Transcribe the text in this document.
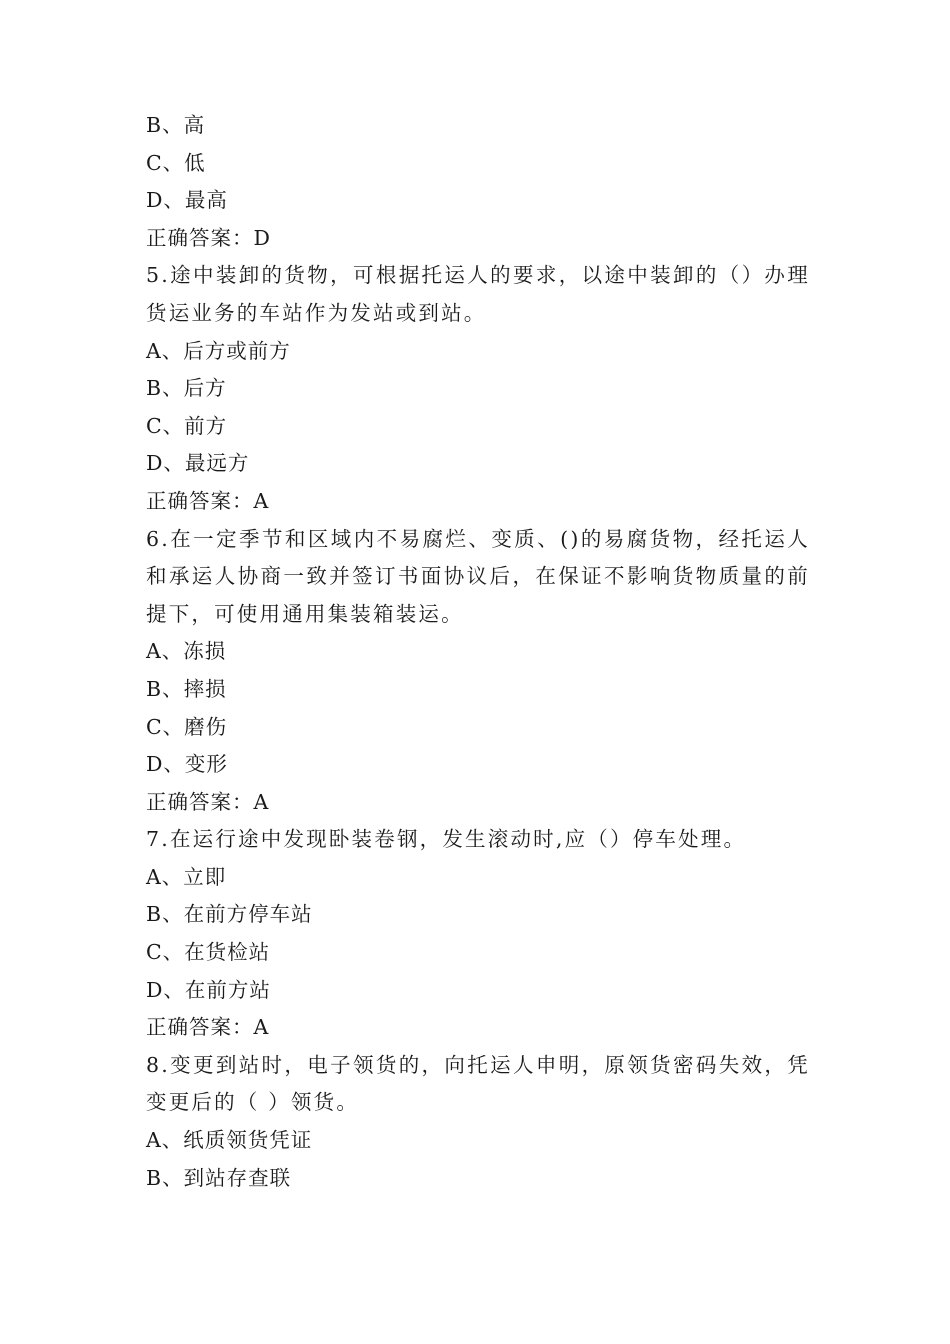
B、高
C、低
D、最高
正确答案：D
5.途中装卸的货物，可根据托运人的要求，以途中装卸的（）办理货运业务的车站作为发站或到站。
A、后方或前方
B、后方
C、前方
D、最远方
正确答案：A
6.在一定季节和区域内不易腐烂、变质、()的易腐货物，经托运人和承运人协商一致并签订书面协议后，在保证不影响货物质量的前提下，可使用通用集装箱装运。
A、冻损
B、摔损
C、磨伤
D、变形
正确答案：A
7.在运行途中发现卧装卷钢，发生滚动时,应（）停车处理。
A、立即
B、在前方停车站
C、在货检站
D、在前方站
正确答案：A
8.变更到站时，电子领货的，向托运人申明，原领货密码失效，凭变更后的（ ）领货。
A、纸质领货凭证
B、到站存查联
